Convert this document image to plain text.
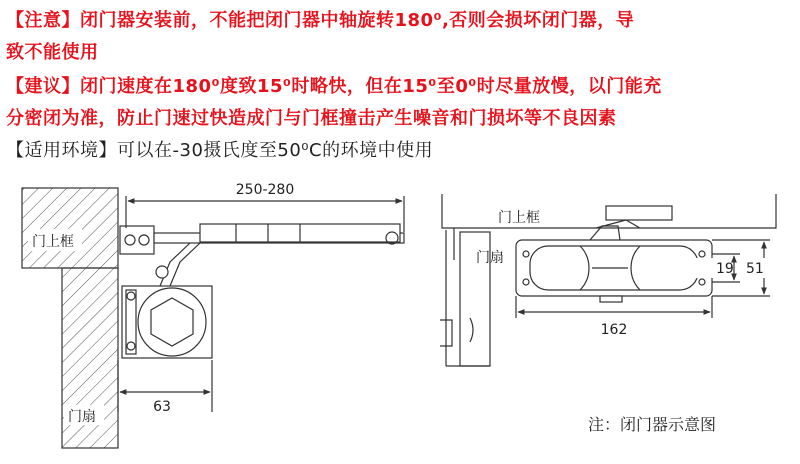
【注意】闭门器安装前，不能把闭门器中轴旋转180⁰,否则会损坏闭门器，导
致不能使用
【建议】闭门速度在180⁰度致15⁰时略快，但在15⁰至0⁰时尽量放慢，以门能充
分密闭为准，防止门速过快造成门与门框撞击产生噪音和门损坏等不良因素
【适用环境】可以在-30摄氏度至50⁰C的环境中使用
门上框
门扇
250-280
63
门上框
门扇
19 51
162
注：闭门器示意图
